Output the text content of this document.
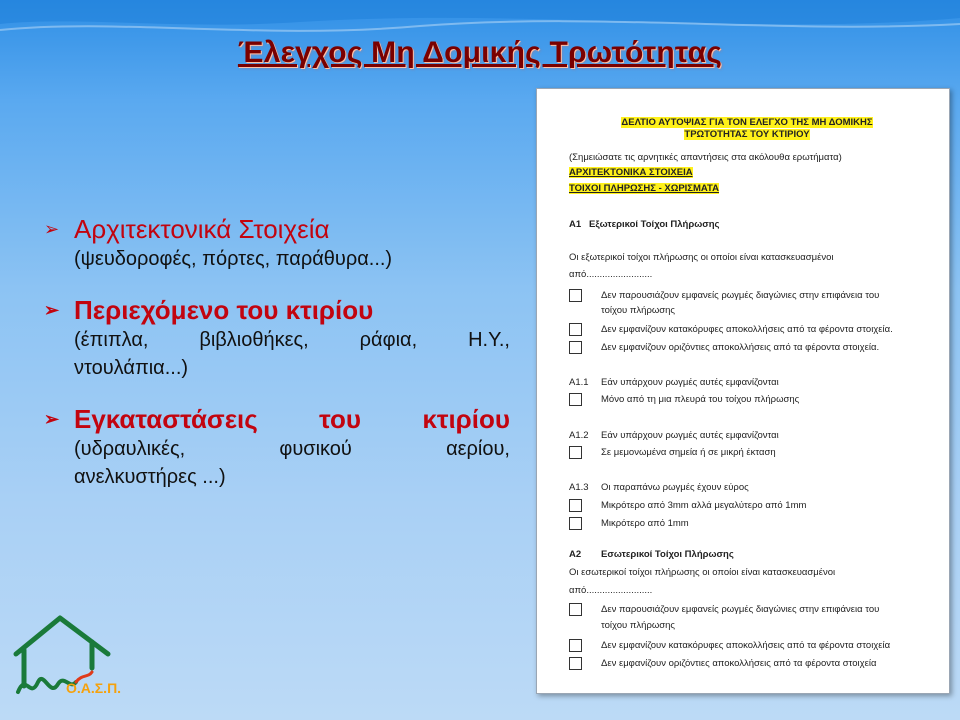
Έλεγχος Μη Δομικής Τρωτότητας
➢ Αρχιτεκτονικά Στοιχεία
(ψευδοροφές, πόρτες, παράθυρα...)
➢ Περιεχόμενο του κτιρίου
(έπιπλα,	βιβλιοθήκες,	ράφια,	Η.Υ.,
ντουλάπια...)
➢ Εγκαταστάσεις του κτιρίου
(υδραυλικές,	φυσικού	αερίου,
ανελκυστήρες ...)
ΔΕΛΤΙΟ ΑΥΤΟΨΙΑΣ ΓΙΑ ΤΟΝ ΕΛΕΓΧΟ ΤΗΣ ΜΗ ΔΟΜΙΚΗΣ
ΤΡΩΤΟΤΗΤΑΣ ΤΟΥ ΚΤΙΡΙΟΥ
(Σημειώσατε τις αρνητικές απαντήσεις στα ακόλουθα ερωτήματα)
ΑΡΧΙΤΕΚΤΟΝΙΚΑ ΣΤΟΙΧΕΙΑ
ΤΟΙΧΟΙ ΠΛΗΡΩΣΗΣ - ΧΩΡΙΣΜΑΤΑ
Α1 Εξωτερικοί Τοίχοι Πλήρωσης
Οι εξωτερικοί τοίχοι πλήρωσης οι οποίοι είναι κατασκευασμένοι
από.........................
Δεν παρουσιάζουν εμφανείς ρωγμές διαγώνιες στην επιφάνεια του
τοίχου πλήρωσης
Δεν εμφανίζουν κατακόρυφες αποκολλήσεις από τα φέροντα στοιχεία.
Δεν εμφανίζουν οριζόντιες αποκολλήσεις από τα φέροντα στοιχεία.
Α1.1 Εάν υπάρχουν ρωγμές αυτές εμφανίζονται
Μόνο από τη μια πλευρά του τοίχου πλήρωσης
Α1.2 Εάν υπάρχουν ρωγμές αυτές εμφανίζονται
Σε μεμονωμένα σημεία ή σε μικρή έκταση
Α1.3 Οι παραπάνω ρωγμές έχουν εύρος
Μικρότερο από 3mm αλλά μεγαλύτερο από 1mm
Μικρότερο από 1mm
Α2 Εσωτερικοί Τοίχοι Πλήρωσης
Οι εσωτερικοί τοίχοι πλήρωσης οι οποίοι είναι κατασκευασμένοι
από.........................
Δεν παρουσιάζουν εμφανείς ρωγμές διαγώνιες στην επιφάνεια του
τοίχου πλήρωσης
Δεν εμφανίζουν κατακόρυφες αποκολλήσεις από τα φέροντα στοιχεία
Δεν εμφανίζουν οριζόντιες αποκολλήσεις από τα φέροντα στοιχεία
Ο.Α.Σ.Π.
